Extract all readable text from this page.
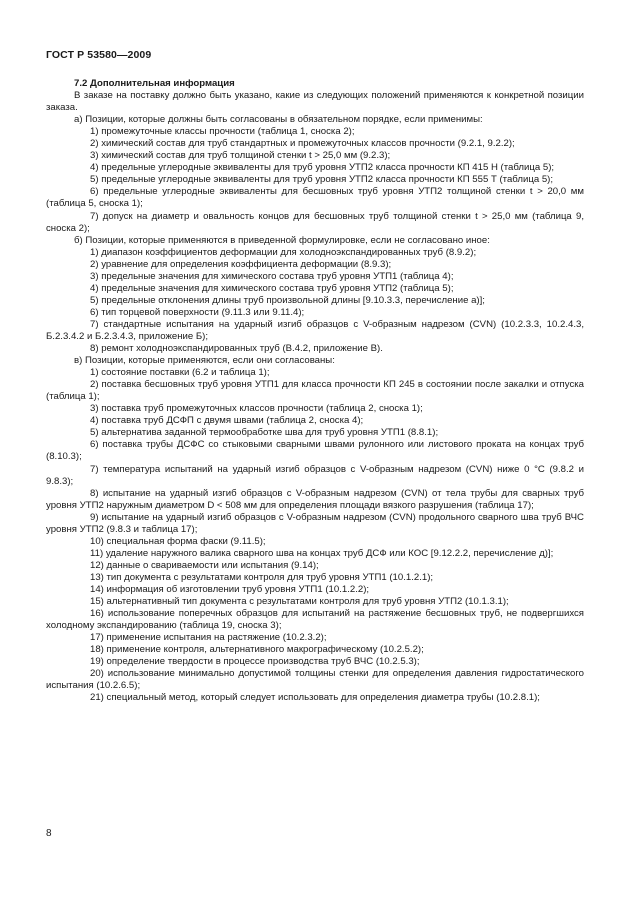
ГОСТ Р 53580—2009

7.2 Дополнительная информация

В заказе на поставку должно быть указано, какие из следующих положений применяются к конкретной позиции заказа.

а) Позиции, которые должны быть согласованы в обязательном порядке, если применимы:

1) промежуточные классы прочности (таблица 1, сноска 2);

2) химический состав для труб стандартных и промежуточных классов прочности (9.2.1, 9.2.2);

3) химический состав для труб толщиной стенки t > 25,0 мм (9.2.3);

4) предельные углеродные эквиваленты для труб уровня УТП2 класса прочности КП 415 Н (таблица 5);

5) предельные углеродные эквиваленты для труб уровня УТП2 класса прочности КП 555 Т (таблица 5);

6) предельные углеродные эквиваленты для бесшовных труб уровня УТП2 толщиной стенки t > 20,0 мм (таблица 5, сноска 1);

7) допуск на диаметр и овальность концов для бесшовных труб толщиной стенки t > 25,0 мм (таблица 9, сноска 2);

б) Позиции, которые применяются в приведенной формулировке, если не согласовано иное:

1) диапазон коэффициентов деформации для холодноэкспандированных труб (8.9.2);

2) уравнение для определения коэффициента деформации (8.9.3);

3) предельные значения для химического состава труб уровня УТП1 (таблица 4);

4) предельные значения для химического состава труб уровня УТП2 (таблица 5);

5) предельные отклонения длины труб произвольной длины [9.10.3.3, перечисление а)];

6) тип торцевой поверхности (9.11.3 или 9.11.4);

7) стандартные испытания на ударный изгиб образцов с V-образным надрезом (CVN) (10.2.3.3, 10.2.4.3, Б.2.3.4.2 и Б.2.3.4.3, приложение Б);

8) ремонт холодноэкспандированных труб (В.4.2, приложение В).

в) Позиции, которые применяются, если они согласованы:

1) состояние поставки (6.2 и таблица 1);

2) поставка бесшовных труб уровня УТП1 для класса прочности КП 245 в состоянии после закалки и отпуска (таблица 1);

3) поставка труб промежуточных классов прочности (таблица 2, сноска 1);

4) поставка труб ДСФП с двумя швами (таблица 2, сноска 4);

5) альтернатива заданной термообработке шва для труб уровня УТП1 (8.8.1);

6) поставка трубы ДСФС со стыковыми сварными швами рулонного или листового проката на концах труб (8.10.3);

7) температура испытаний на ударный изгиб образцов с V-образным надрезом (CVN) ниже 0 °С (9.8.2 и 9.8.3);

8) испытание на ударный изгиб образцов с V-образным надрезом (CVN) от тела трубы для сварных труб уровня УТП2 наружным диаметром D < 508 мм для определения площади вязкого разрушения (таблица 17);

9) испытание на ударный изгиб образцов с V-образным надрезом (CVN) продольного сварного шва труб ВЧС уровня УТП2 (9.8.3 и таблица 17);

10) специальная форма фаски (9.11.5);

11) удаление наружного валика сварного шва на концах труб ДСФ или КОС [9.12.2.2, перечисление д)];

12) данные о свариваемости или испытания (9.14);

13) тип документа с результатами контроля для труб уровня УТП1 (10.1.2.1);

14) информация об изготовлении труб уровня УТП1 (10.1.2.2);

15) альтернативный тип документа с результатами контроля для труб уровня УТП2 (10.1.3.1);

16) использование поперечных образцов для испытаний на растяжение бесшовных труб, не подвергшихся холодному экспандированию (таблица 19, сноска 3);

17) применение испытания на растяжение (10.2.3.2);

18) применение контроля, альтернативного макрографическому (10.2.5.2);

19) определение твердости в процессе производства труб ВЧС (10.2.5.3);

20) использование минимально допустимой толщины стенки для определения давления гидростатического испытания (10.2.6.5);

21) специальный метод, который следует использовать для определения диаметра трубы (10.2.8.1);

8
